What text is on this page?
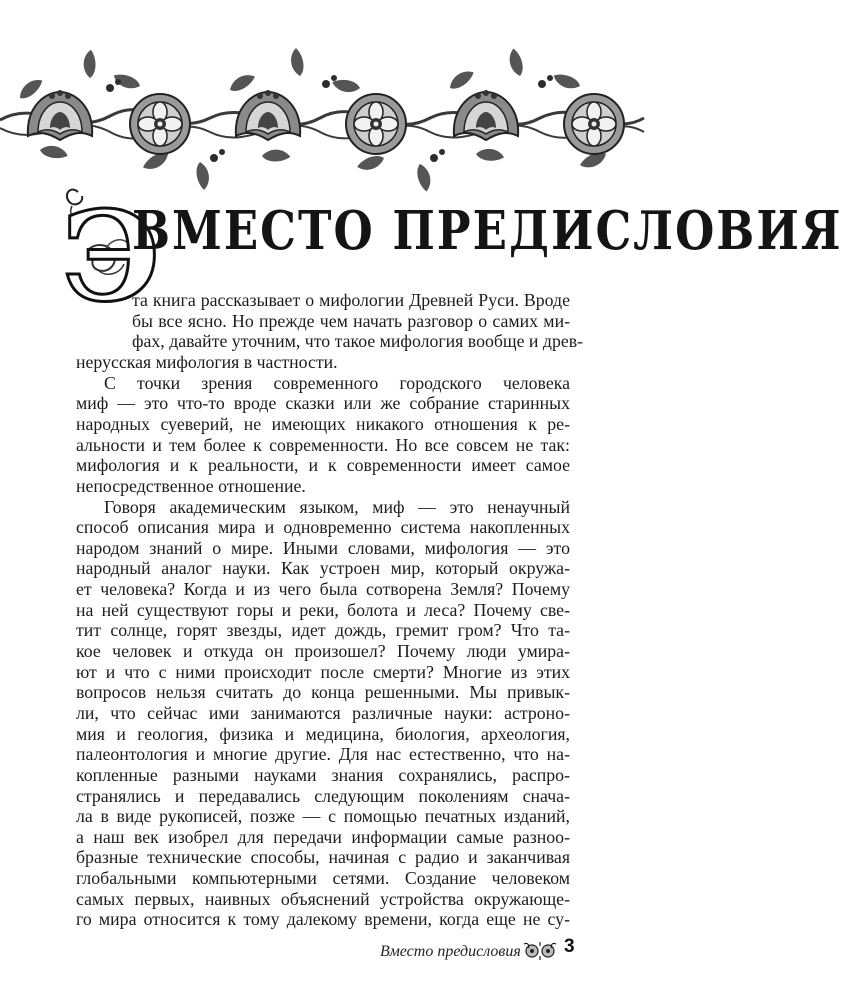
Э
ВМЕСТО ПРЕДИСЛОВИЯ
та книга рассказывает о мифологии Древней Руси. Вроде
бы все ясно. Но прежде чем начать разговор о самих ми-
фах, давайте уточним, что такое мифология вообще и древ-
нерусская мифология в частности.
С точки зрения современного городского человека
миф — это что-то вроде сказки или же собрание старинных
народных суеверий, не имеющих никакого отношения к ре-
альности и тем более к современности. Но все совсем не так:
мифология и к реальности, и к современности имеет самое
непосредственное отношение.
Говоря академическим языком, миф — это ненаучный
способ описания мира и одновременно система накопленных
народом знаний о мире. Иными словами, мифология — это
народный аналог науки. Как устроен мир, который окружа-
ет человека? Когда и из чего была сотворена Земля? Почему
на ней существуют горы и реки, болота и леса? Почему све-
тит солнце, горят звезды, идет дождь, гремит гром? Что та-
кое человек и откуда он произошел? Почему люди умира-
ют и что с ними происходит после смерти? Многие из этих
вопросов нельзя считать до конца решенными. Мы привык-
ли, что сейчас ими занимаются различные науки: астроно-
мия и геология, физика и медицина, биология, археология,
палеонтология и многие другие. Для нас естественно, что на-
копленные разными науками знания сохранялись, распро-
странялись и передавались следующим поколениям снача-
ла в виде рукописей, позже — с помощью печатных изданий,
а наш век изобрел для передачи информации самые разноо-
бразные технические способы, начиная с радио и заканчивая
глобальными компьютерными сетями. Создание человеком
самых первых, наивных объяснений устройства окружающе-
го мира относится к тому далекому времени, когда еще не су-
Вместо предисловия 3
